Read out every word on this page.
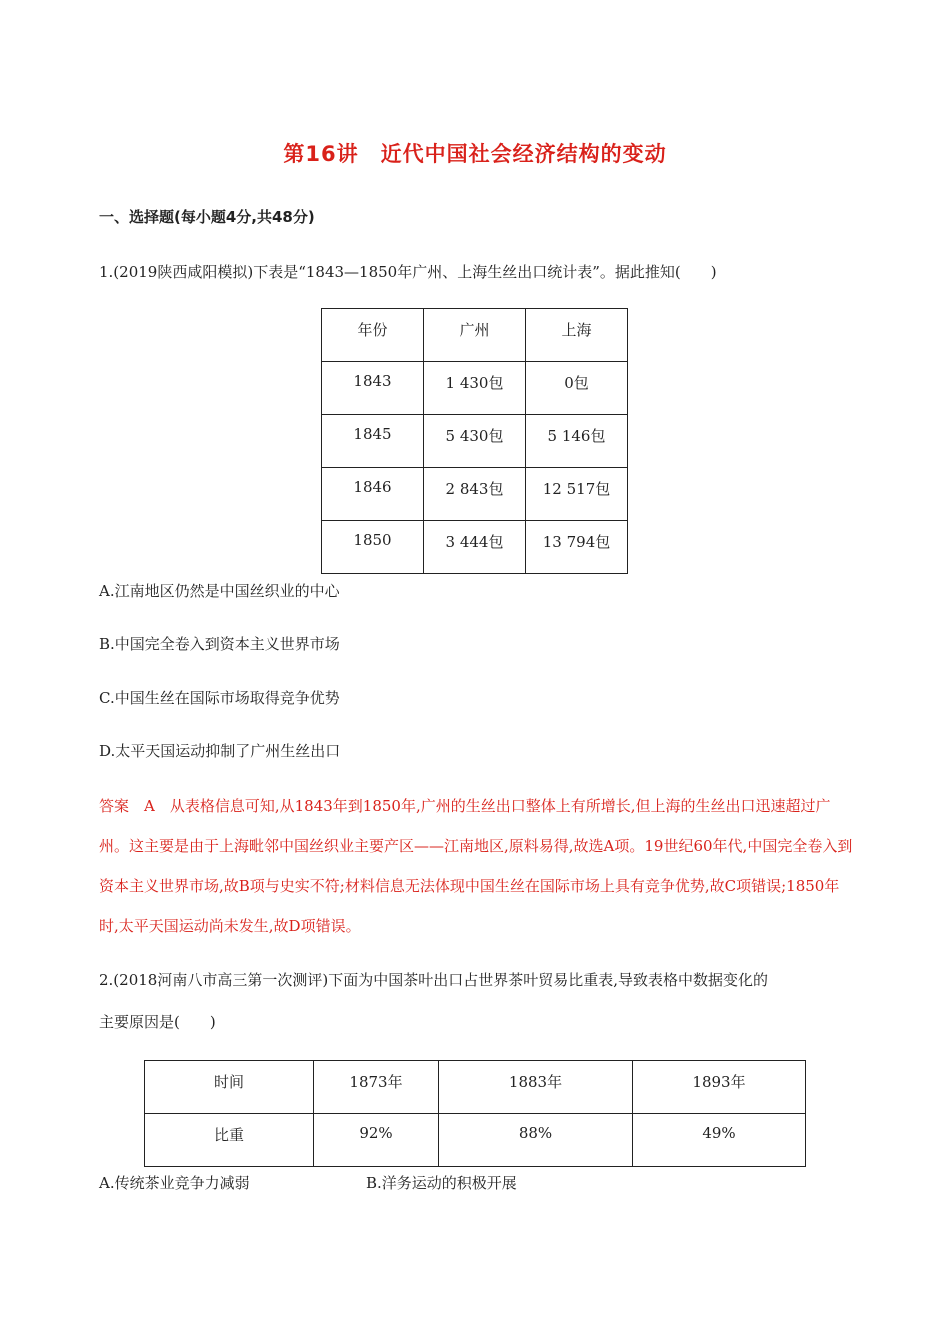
第16讲　近代中国社会经济结构的变动
一、选择题(每小题4分,共48分)
1.(2019陕西咸阳模拟)下表是“1843—1850年广州、上海生丝出口统计表”。据此推知(　　)
年份	广州	上海
1843	1 430包	0包
1845	5 430包	5 146包
1846	2 843包	12 517包
1850	3 444包	13 794包
A.江南地区仍然是中国丝织业的中心
B.中国完全卷入到资本主义世界市场
C.中国生丝在国际市场取得竞争优势
D.太平天国运动抑制了广州生丝出口
答案　A　从表格信息可知,从1843年到1850年,广州的生丝出口整体上有所增长,但上海的生丝出口迅速超过广州。这主要是由于上海毗邻中国丝织业主要产区——江南地区,原料易得,故选A项。19世纪60年代,中国完全卷入到资本主义世界市场,故B项与史实不符;材料信息无法体现中国生丝在国际市场上具有竞争优势,故C项错误;1850年时,太平天国运动尚未发生,故D项错误。
2.(2018河南八市高三第一次测评)下面为中国茶叶出口占世界茶叶贸易比重表,导致表格中数据变化的
主要原因是(　　)
时间	1873年	1883年	1893年
比重	92%	88%	49%
A.传统茶业竞争力减弱	B.洋务运动的积极开展
